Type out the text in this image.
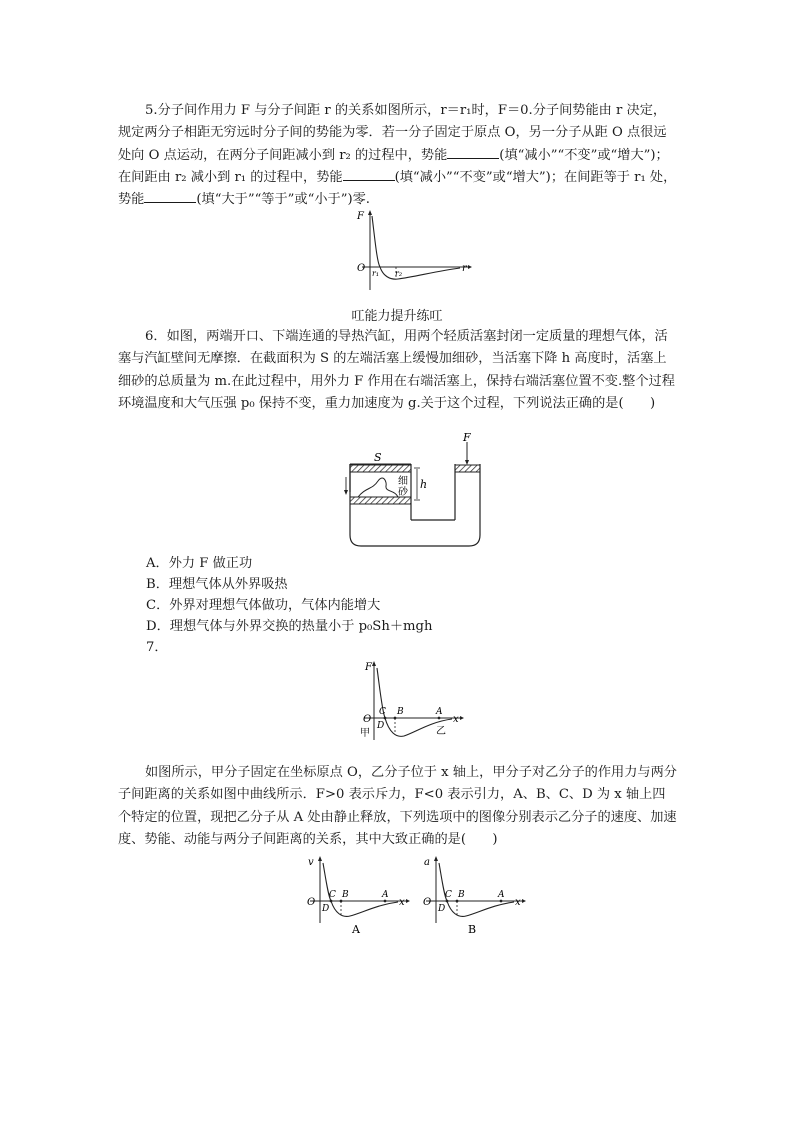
5.分子间作用力 F 与分子间距 r 的关系如图所示，r＝r₁时，F＝0.分子间势能由 r 决定，规定两分子相距无穷远时分子间的势能为零．若一分子固定于原点 O，另一分子从距 O 点很远处向 O 点运动，在两分子间距减小到 r₂ 的过程中，势能	(填“减小”“不变”或“增大”)；在间距由 r₂ 减小到 r₁ 的过程中，势能	(填“减小”“不变”或“增大”)；在间距等于 r₁ 处，势能	(填“大于”“等于”或“小于”)零.

F
O r₁ r₂	r
叿能力提升练叿

6．如图，两端开口、下端连通的导热汽缸，用两个轻质活塞封闭一定质量的理想气体，活塞与汽缸壁间无摩擦．在截面积为 S 的左端活塞上缓慢加细砂，当活塞下降 h 高度时，活塞上细砂的总质量为 m.在此过程中，用外力 F 作用在右端活塞上，保持右端活塞位置不变.整个过程环境温度和大气压强 p₀ 保持不变，重力加速度为 g.关于这个过程，下列说法正确的是(　　)

S
F
h
细
砂
A．外力 F 做正功
B．理想气体从外界吸热
C．外界对理想气体做功，气体内能增大
D．理想气体与外界交换的热量小于 p₀Sh＋mgh
7．
F
O
C B	A
D
x
甲	乙

如图所示，甲分子固定在坐标原点 O，乙分子位于 x 轴上，甲分子对乙分子的作用力与两分子间距离的关系如图中曲线所示．F>0 表示斥力，F<0 表示引力，A、B、C、D 为 x 轴上四个特定的位置，现把乙分子从 A 处由静止释放，下列选项中的图像分别表示乙分子的速度、加速度、势能、动能与两分子间距离的关系，其中大致正确的是(　　)

v
O
C B	A
D
x
A
a
O
C B	A
D
x
B
